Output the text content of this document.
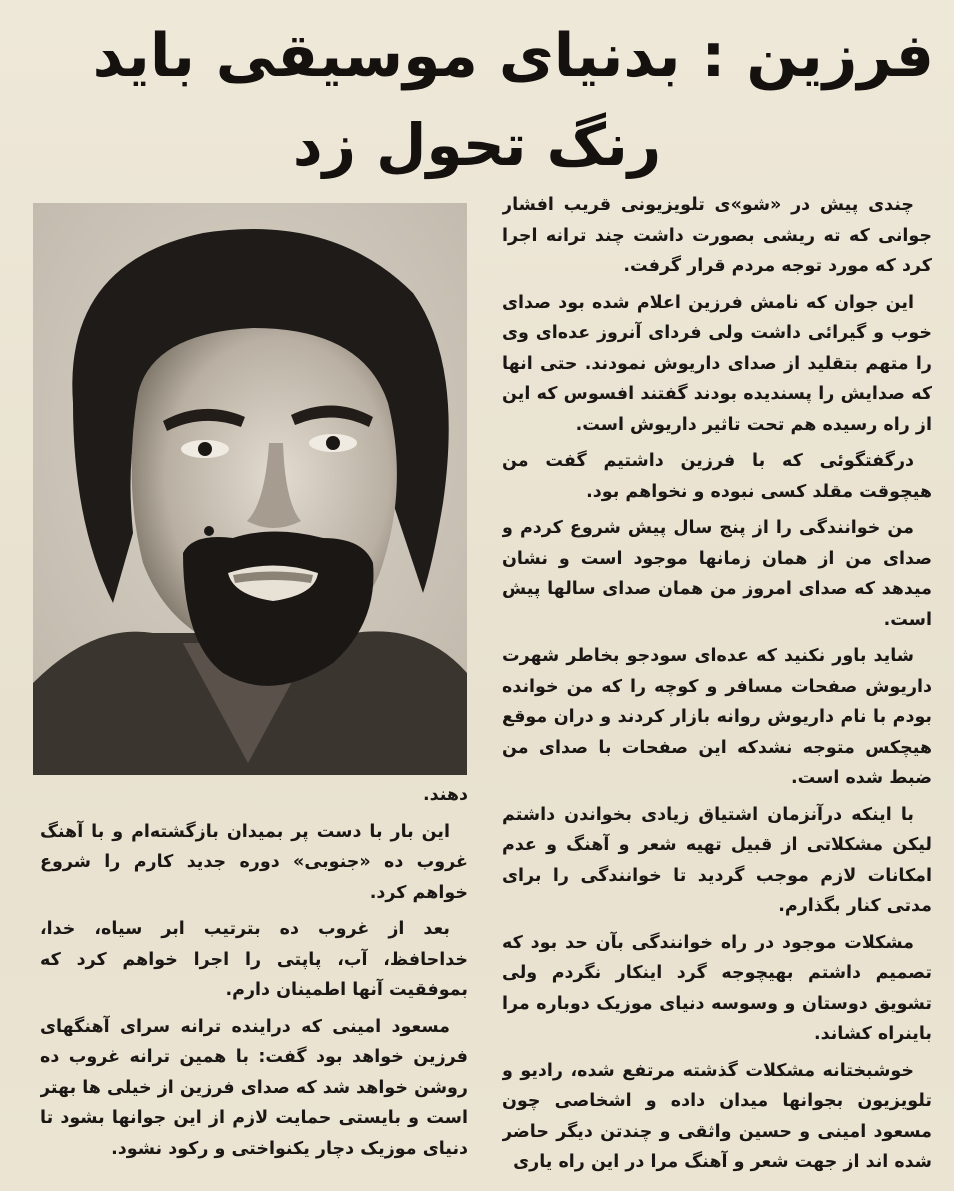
فرزین : بدنیای موسیقی باید
رنگ تحول زد

چندی پیش در «شو»ی تلویزیونی قریب افشار جوانی که ته ریشی بصورت داشت چند ترانه اجرا کرد که مورد توجه مردم قرار گرفت.

این جوان که نامش فرزین اعلام شده بود صدای خوب و گیرائی داشت ولی فردای آنروز عده‌ای وی را متهم بتقلید از صدای داریوش نمودند. حتی انها که صدایش را پسندیده بودند گفتند افسوس که این از راه رسیده هم تحت تاثیر داریوش است.

درگفتگوئی که با فرزین داشتیم گفت من هیچوقت مقلد کسی نبوده و نخواهم بود.

من خوانندگی را از پنج سال پیش شروع کردم و صدای من از همان زمانها موجود است و نشان میدهد که صدای امروز من همان صدای سالها پیش است.

شاید باور نکنید که عده‌ای سودجو بخاطر شهرت داریوش صفحات مسافر و کوچه را که من خوانده بودم با نام داریوش روانه بازار کردند و دران موقع هیچکس متوجه نشدکه این صفحات با صدای من ضبط شده است.

با اینکه درآنزمان اشتیاق زیادی بخواندن داشتم لیکن مشکلاتی از قبیل تهیه شعر و آهنگ و عدم امکانات لازم موجب گردید تا خوانندگی را برای مدتی کنار بگذارم.

مشکلات موجود در راه خوانندگی بآن حد بود که تصمیم داشتم بهیچوجه گرد اینکار نگردم ولی تشویق دوستان و وسوسه دنیای موزیک دوباره مرا باینراه کشاند.

خوشبختانه مشکلات گذشته مرتفع شده، رادیو و تلویزیون بجوانها میدان داده و اشخاصی چون مسعود امینی و حسین واثقی و چندتن دیگر حاضر شده اند از جهت شعر و آهنگ مرا در این راه یاری

دهند.

این بار با دست پر بمیدان بازگشته‌ام و با آهنگ غروب ده «جنوبی» دوره جدید کارم را شروع خواهم کرد.

بعد از غروب ده بترتیب ابر سیاه، خدا، خداحافظ، آب، پاپتی را اجرا خواهم کرد که بموفقیت آنها اطمینان دارم.

مسعود امینی که دراینده ترانه سرای آهنگهای فرزین خواهد بود گفت: با همین ترانه غروب ده روشن خواهد شد که صدای فرزین از خیلی ها بهتر است و بایستی حمایت لازم از این جوانها بشود تا دنیای موزیک دچار یکنواختی و رکود نشود.
